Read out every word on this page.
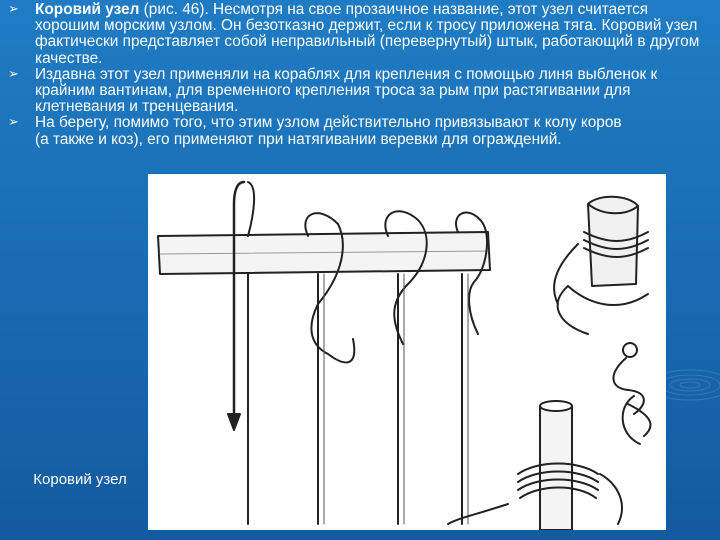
➢	Коровий узел (рис. 46). Несмотря на свое прозаичное название, этот узел считается хорошим морским узлом. Он безотказно держит, если к тросу приложена тяга. Коровий узел фактически представляет собой неправильный (перевернутый) штык, работающий в другом качестве.
➢	Издавна этот узел применяли на кораблях для крепления с помощью линя выбленок к крайним вантинам, для временного крепления троса за рым при растягивании для клетневания и тренцевания.
➢	На берегу, помимо того, что этим узлом действительно привязывают к колу коров (а также и коз), его применяют при натягивании веревки для ограждений.
Коровий узел
